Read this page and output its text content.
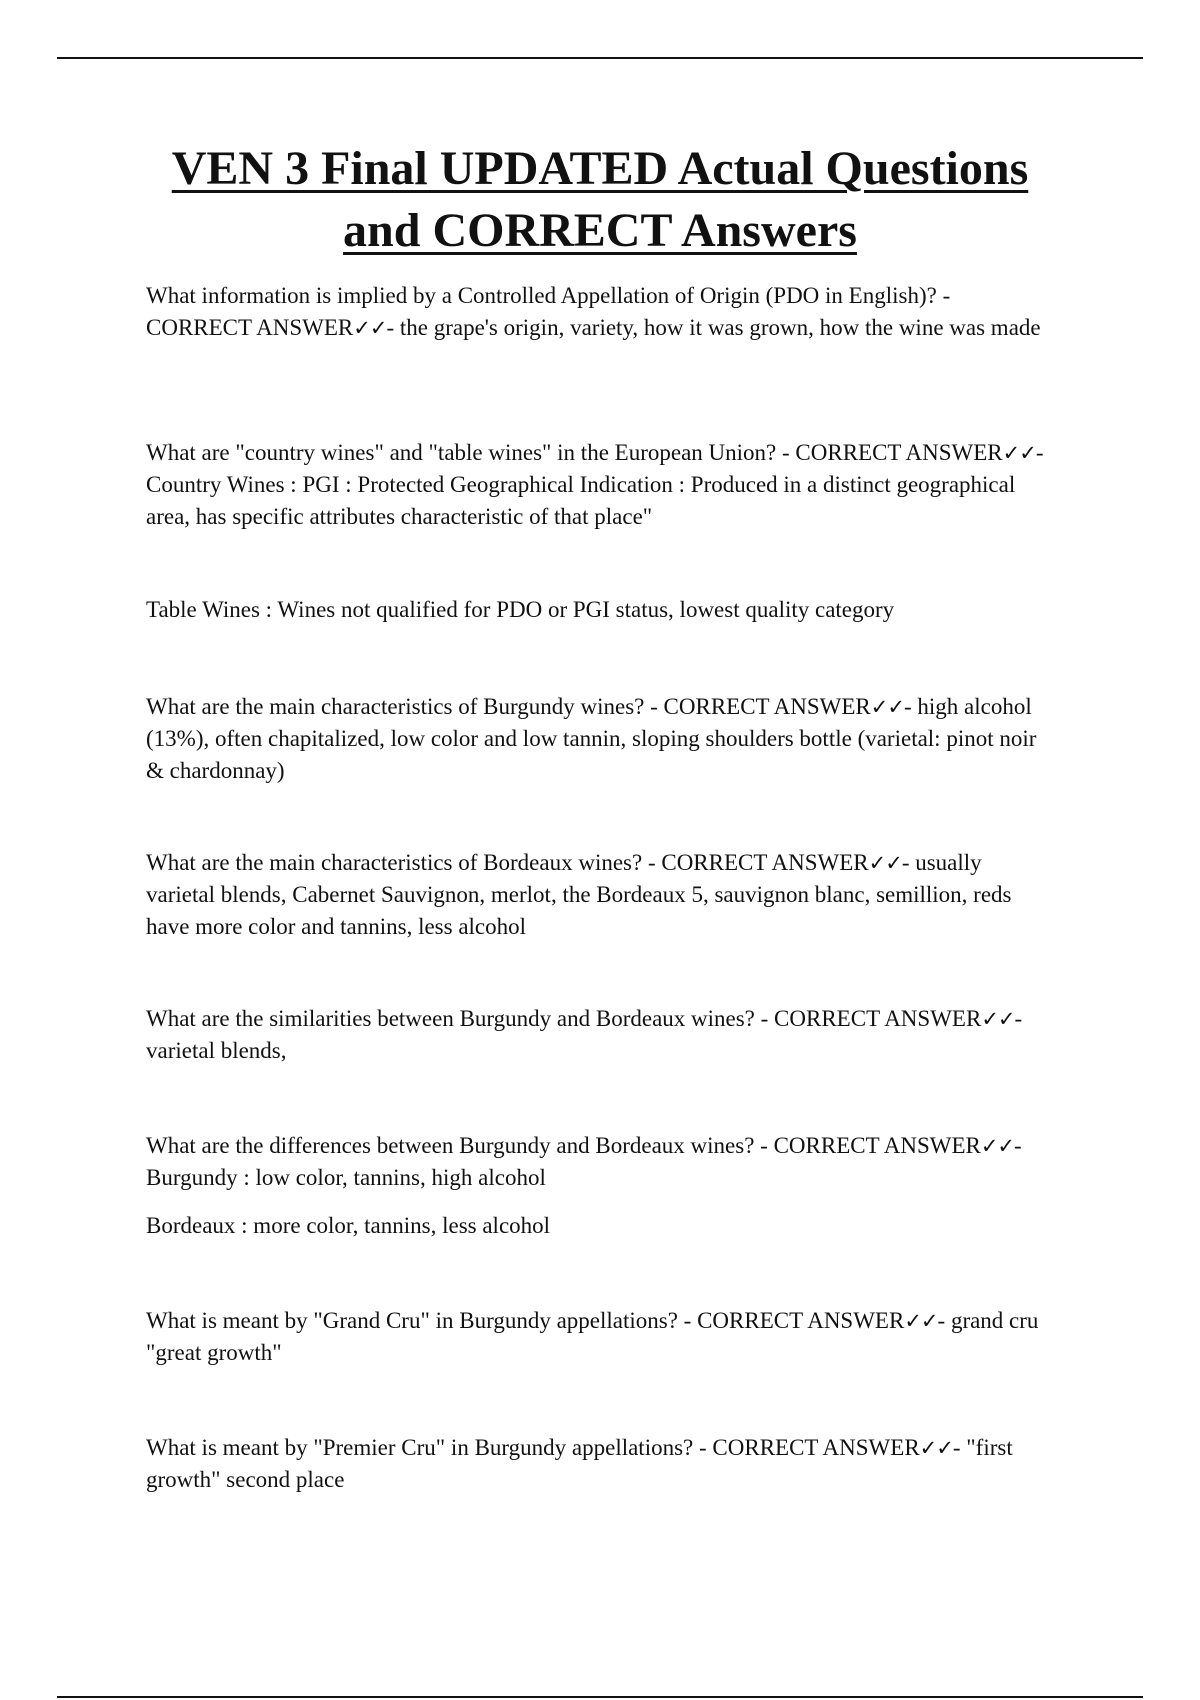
VEN 3 Final UPDATED Actual Questions and CORRECT Answers

What information is implied by a Controlled Appellation of Origin (PDO in English)? - CORRECT ANSWER✓✓- the grape's origin, variety, how it was grown, how the wine was made

What are "country wines" and "table wines" in the European Union? - CORRECT ANSWER✓✓- Country Wines : PGI : Protected Geographical Indication : Produced in a distinct geographical area, has specific attributes characteristic of that place"

Table Wines : Wines not qualified for PDO or PGI status, lowest quality category

What are the main characteristics of Burgundy wines? - CORRECT ANSWER✓✓- high alcohol (13%), often chapitalized, low color and low tannin, sloping shoulders bottle (varietal: pinot noir & chardonnay)

What are the main characteristics of Bordeaux wines? - CORRECT ANSWER✓✓- usually varietal blends, Cabernet Sauvignon, merlot, the Bordeaux 5, sauvignon blanc, semillion, reds have more color and tannins, less alcohol

What are the similarities between Burgundy and Bordeaux wines? - CORRECT ANSWER✓✓- varietal blends,

What are the differences between Burgundy and Bordeaux wines? - CORRECT ANSWER✓✓- Burgundy : low color, tannins, high alcohol

Bordeaux : more color, tannins, less alcohol

What is meant by "Grand Cru" in Burgundy appellations? - CORRECT ANSWER✓✓- grand cru "great growth"

What is meant by "Premier Cru" in Burgundy appellations? - CORRECT ANSWER✓✓- "first growth" second place
